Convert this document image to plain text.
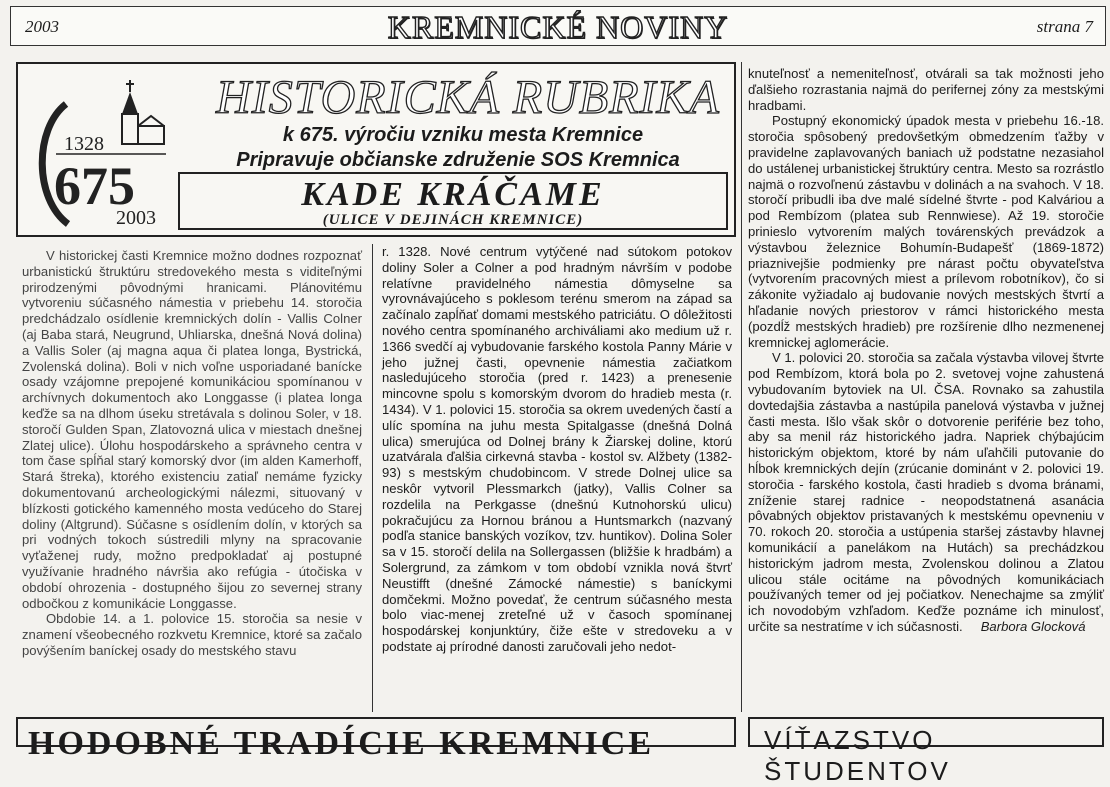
2003	KREMNICKÉ NOVINY	strana 7
1328
675
2003
HISTORICKÁ RUBRIKA
k 675. výročiu vzniku mesta Kremnice
Pripravuje občianske združenie SOS Kremnica
KADE KRÁČAME
(ULICE V DEJINÁCH KREMNICE)

V historickej časti Kremnice možno dodnes rozpoznať urbanistickú štruktúru stredovekého mesta s viditeľnými prirodzenými pôvodnými hranicami. Plánovitému vytvoreniu súčasného námestia v priebehu 14. storočia predchádzalo osídlenie kremnických dolín - Vallis Colner (aj Baba stará, Neugrund, Uhliarska, dnešná Nová dolina) a Vallis Soler (aj magna aqua či platea longa, Bystrická, Zvolenská dolina). Boli v nich voľne usporiadané banícke osady vzájomne prepojené komunikáciou spomínanou v archívnych dokumentoch ako Longgasse (i platea longa keďže sa na dlhom úseku stretávala s dolinou Soler, v 18. storočí Gulden Span, Zlatovozná ulica v miestach dnešnej Zlatej ulice). Úlohu hospodárskeho a správneho centra v tom čase spĺňal starý komorský dvor (im alden Kamerhoff, Stará štreka), ktorého existenciu zatiaľ nemáme fyzicky dokumentovanú archeologickými nálezmi, situovaný v blízkosti gotického kamenného mosta vedúceho do Starej doliny (Altgrund). Súčasne s osídlením dolín, v ktorých sa pri vodných tokoch sústredili mlyny na spracovanie vyťaženej rudy, možno predpokladať aj postupné využívanie hradného návršia ako refúgia - útočiska v období ohrozenia - dostupného šijou zo severnej strany odbočkou z komunikácie Longgasse.

Obdobie 14. a 1. polovice 15. storočia sa nesie v znamení všeobecného rozkvetu Kremnice, ktoré sa začalo povýšením baníckej osady do mestského stavu

r. 1328. Nové centrum vytýčené nad sútokom potokov doliny Soler a Colner a pod hradným návrším v podobe relatívne pravidelného námestia dômyselne sa vyrovnávajúceho s poklesom terénu smerom na západ sa začínalo zapĺňať domami mestského patriciátu. O dôležitosti nového centra spomínaného archiváliami ako medium už r. 1366 svedčí aj vybudovanie farského kostola Panny Márie v jeho južnej časti, opevnenie námestia začiatkom nasledujúceho storočia (pred r. 1423) a prenesenie mincovne spolu s komorským dvorom do hradieb mesta (r. 1434). V 1. polovici 15. storočia sa okrem uvedených častí a ulíc spomína na juhu mesta Spitalgasse (dnešná Dolná ulica) smerujúca od Dolnej brány k Žiarskej doline, ktorú uzatvárala ďalšia cirkevná stavba - kostol sv. Alžbety (1382-93) s mestským chudobincom. V strede Dolnej ulice sa neskôr vytvoril Plessmarkch (jatky), Vallis Colner sa rozdelila na Perkgasse (dnešnú Kutnohorskú ulicu) pokračujúcu za Hornou bránou a Huntsmarkch (nazvaný podľa stanice banských vozíkov, tzv. huntikov). Dolina Soler sa v 15. storočí delila na Sollergassen (bližšie k hradbám) a Solergrund, za zámkom v tom období vznikla nová štvrť Neustifft (dnešné Zámocké námestie) s baníckymi domčekmi. Možno povedať, že centrum súčasného mesta bolo viac-menej zreteľné už v časoch spomínanej hospodárskej konjunktúry, čiže ešte v stredoveku a v podstate aj prírodné danosti zaručovali jeho nedot-

knuteľnosť a nemeniteľnosť, otvárali sa tak možnosti jeho ďalšieho rozrastania najmä do perifernej zóny za mestskými hradbami.

Postupný ekonomický úpadok mesta v priebehu 16.-18. storočia spôsobený predovšetkým obmedzením ťažby v pravidelne zaplavovaných baniach už podstatne nezasiahol do ustálenej urbanistickej štruktúry centra. Mesto sa rozrástlo najmä o rozvoľnenú zástavbu v dolinách a na svahoch. V 18. storočí pribudli iba dve malé sídelné štvrte - pod Kalváriou a pod Rembízom (platea sub Rennwiese). Až 19. storočie prinieslo vytvorením malých továrenských prevádzok a výstavbou železnice Bohumín-Budapešť (1869-1872) priaznivejšie podmienky pre nárast počtu obyvateľstva (vytvorením pracovných miest a prílevom robotníkov), čo si zákonite vyžiadalo aj budovanie nových mestských štvrtí a hľadanie nových priestorov v rámci historického mesta (pozdĺž mestských hradieb) pre rozšírenie dlho nezmenenej kremnickej aglomerácie.

V 1. polovici 20. storočia sa začala výstavba vilovej štvrte pod Rembízom, ktorá bola po 2. svetovej vojne zahustená vybudovaním bytoviek na Ul. ČSA. Rovnako sa zahustila dovtedajšia zástavba a nastúpila panelová výstavba v južnej časti mesta. Išlo však skôr o dotvorenie periférie bez toho, aby sa menil ráz historického jadra. Napriek chýbajúcim historickým objektom, ktoré by nám uľahčili putovanie do hĺbok kremnických dejín (zrúcanie dominánt v 2. polovici 19. storočia - farského kostola, časti hradieb s dvoma bránami, zníženie starej radnice - neopodstatnená asanácia pôvabných objektov pristavaných k mestskému opevneniu v 70. rokoch 20. storočia a ustúpenia staršej zástavby hlavnej komunikácií a panelákom na Hutách) sa prechádzkou historickým jadrom mesta, Zvolenskou dolinou a Zlatou ulicou stále ocitáme na pôvodných komunikáciach používaných temer od jej počiatkov. Nenechajme sa zmýliť ich novodobým vzhľadom. Keďže poznáme ich minulosť, určite sa nestratíme v ich súčasnosti. Barbora Glocková

HODOBNÉ TRADÍCIE KREMNICE	VÍŤAZSTVO ŠTUDENTOV
